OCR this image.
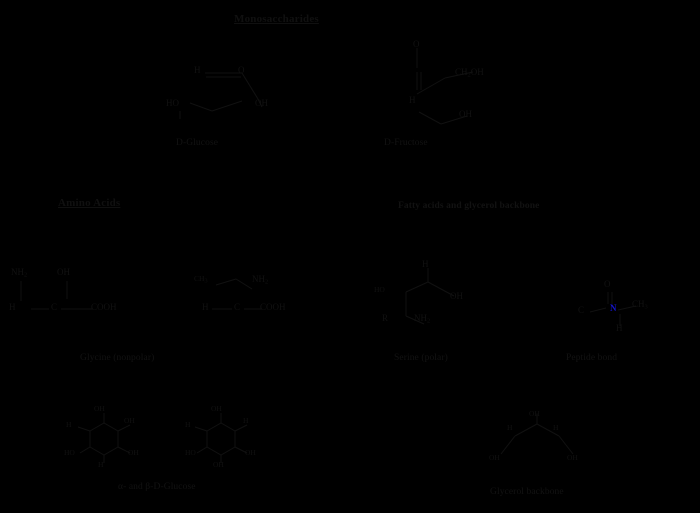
Monosaccharides
H	O
HO	OH
D-Glucose
O
H
$CH_2OH$
OH
D-Fructose
Amino Acids	Fatty acids and glycerol backbone
$NH_2$	OH
H	C	COOH
$CH_3$	$NH_2$
H	C COOH
Glycine (nonpolar)
H
HO
OH
$NH_2$
R
Serine (polar)
O
C	N $CH_3$
H
Peptide bond
OH
OH
H
HO
H
OH
OH
H
H
HO
OH
OH
α- and β-D-Glucose
OH
H	H
OH	OH
Glycerol backbone
